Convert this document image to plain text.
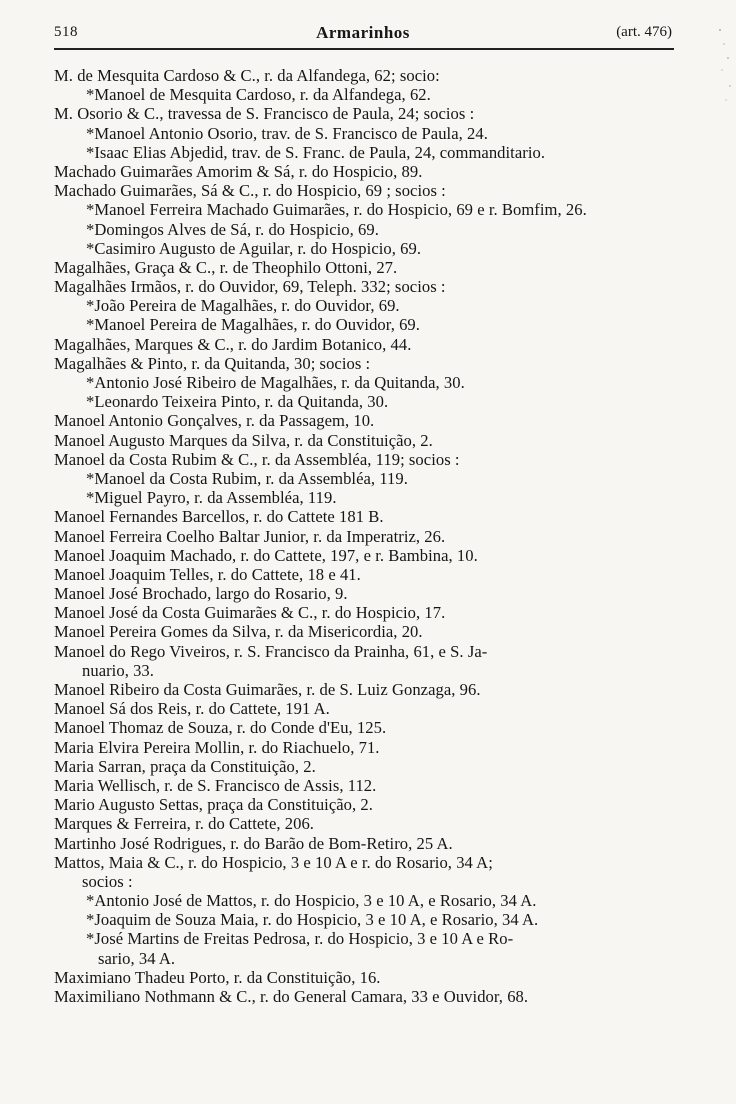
518	Armarinhos	(art. 476)
M. de Mesquita Cardoso & C., r. da Alfandega, 62; socio:
*Manoel de Mesquita Cardoso, r. da Alfandega, 62.
M. Osorio & C., travessa de S. Francisco de Paula, 24; socios :
*Manoel Antonio Osorio, trav. de S. Francisco de Paula, 24.
*Isaac Elias Abjedid, trav. de S. Franc. de Paula, 24, commanditario.
Machado Guimarães Amorim & Sá, r. do Hospicio, 89.
Machado Guimarães, Sá & C., r. do Hospicio, 69 ; socios :
*Manoel Ferreira Machado Guimarães, r. do Hospicio, 69 e r. Bomfim, 26.
*Domingos Alves de Sá, r. do Hospicio, 69.
*Casimiro Augusto de Aguilar, r. do Hospicio, 69.
Magalhães, Graça & C., r. de Theophilo Ottoni, 27.
Magalhães Irmãos, r. do Ouvidor, 69, Teleph. 332; socios :
*João Pereira de Magalhães, r. do Ouvidor, 69.
*Manoel Pereira de Magalhães, r. do Ouvidor, 69.
Magalhães, Marques & C., r. do Jardim Botanico, 44.
Magalhães & Pinto, r. da Quitanda, 30; socios :
*Antonio José Ribeiro de Magalhães, r. da Quitanda, 30.
*Leonardo Teixeira Pinto, r. da Quitanda, 30.
Manoel Antonio Gonçalves, r. da Passagem, 10.
Manoel Augusto Marques da Silva, r. da Constituição, 2.
Manoel da Costa Rubim & C., r. da Assembléa, 119; socios :
*Manoel da Costa Rubim, r. da Assembléa, 119.
*Miguel Payro, r. da Assembléa, 119.
Manoel Fernandes Barcellos, r. do Cattete 181 B.
Manoel Ferreira Coelho Baltar Junior, r. da Imperatriz, 26.
Manoel Joaquim Machado, r. do Cattete, 197, e r. Bambina, 10.
Manoel Joaquim Telles, r. do Cattete, 18 e 41.
Manoel José Brochado, largo do Rosario, 9.
Manoel José da Costa Guimarães & C., r. do Hospicio, 17.
Manoel Pereira Gomes da Silva, r. da Misericordia, 20.
Manoel do Rego Viveiros, r. S. Francisco da Prainha, 61, e S. Ja-
nuario, 33.
Manoel Ribeiro da Costa Guimarães, r. de S. Luiz Gonzaga, 96.
Manoel Sá dos Reis, r. do Cattete, 191 A.
Manoel Thomaz de Souza, r. do Conde d'Eu, 125.
Maria Elvira Pereira Mollin, r. do Riachuelo, 71.
Maria Sarran, praça da Constituição, 2.
Maria Wellisch, r. de S. Francisco de Assis, 112.
Mario Augusto Settas, praça da Constituição, 2.
Marques & Ferreira, r. do Cattete, 206.
Martinho José Rodrigues, r. do Barão de Bom-Retiro, 25 A.
Mattos, Maia & C., r. do Hospicio, 3 e 10 A e r. do Rosario, 34 A;
socios :
*Antonio José de Mattos, r. do Hospicio, 3 e 10 A, e Rosario, 34 A.
*Joaquim de Souza Maia, r. do Hospicio, 3 e 10 A, e Rosario, 34 A.
*José Martins de Freitas Pedrosa, r. do Hospicio, 3 e 10 A e Ro-
sario, 34 A.
Maximiano Thadeu Porto, r. da Constituição, 16.
Maximiliano Nothmann & C., r. do General Camara, 33 e Ouvidor, 68.
